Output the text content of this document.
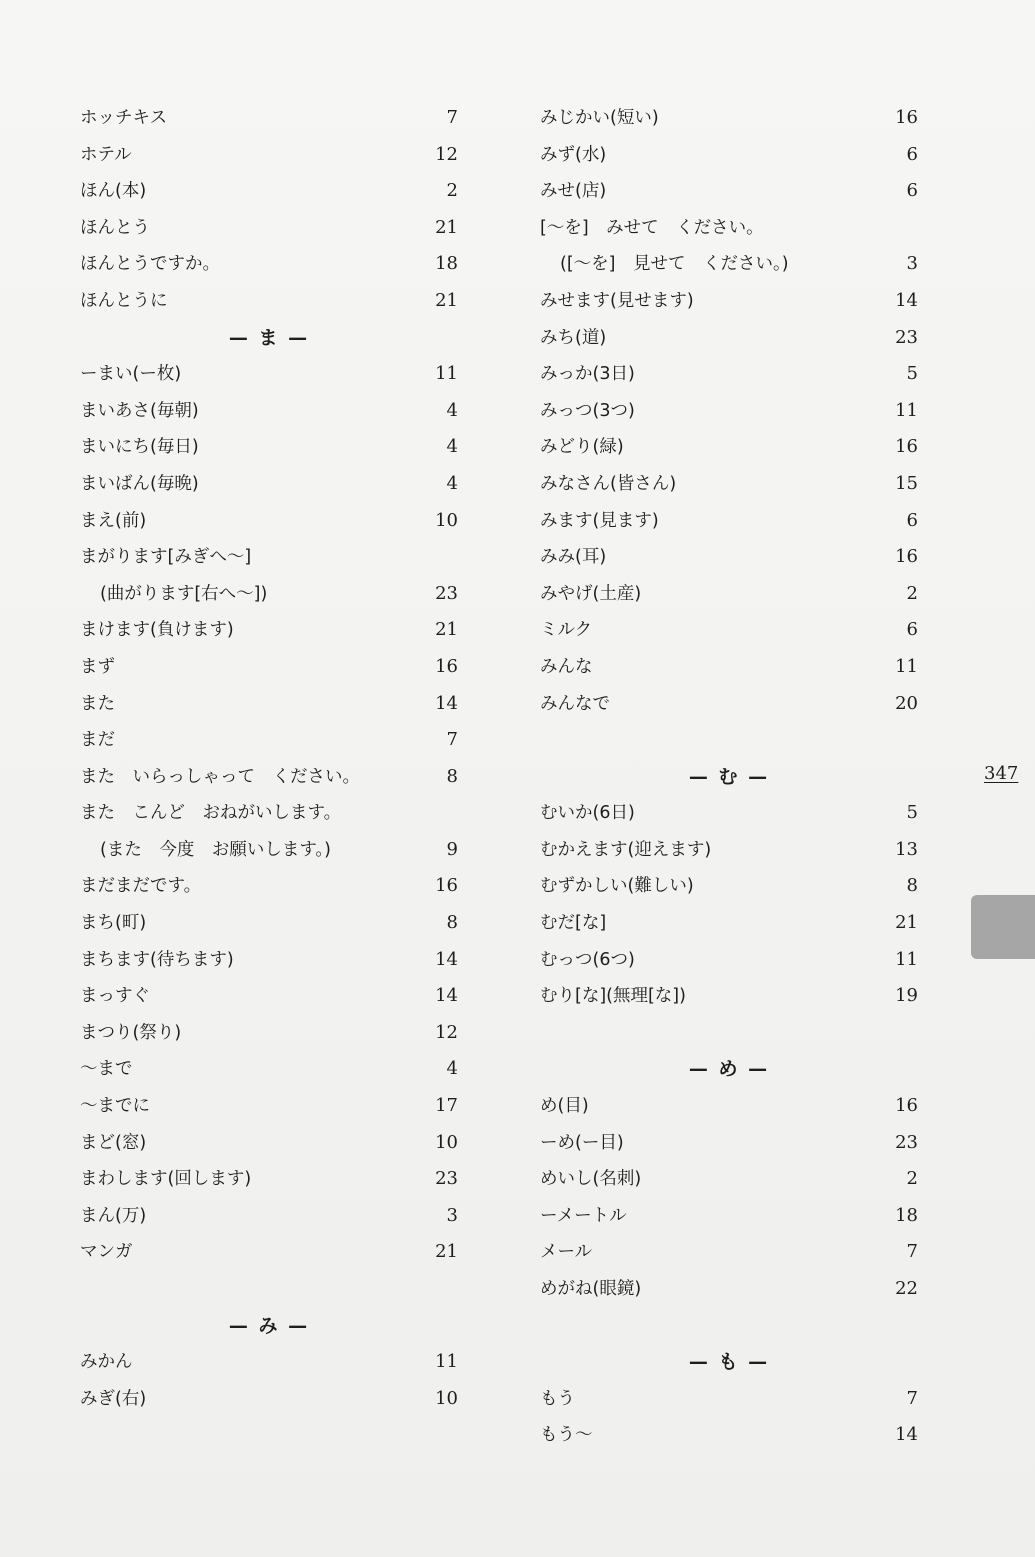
ホッチキス	7
ホテル	12
ほん(本)	2
ほんとう	21
ほんとうですか。	18
ほんとうに	21
— ま —
ーまい(ー枚)	11
まいあさ(毎朝)	4
まいにち(毎日)	4
まいばん(毎晩)	4
まえ(前)	10
まがります[みぎへ〜]
(曲がります[右へ〜])	23
まけます(負けます)	21
まず	16
また	14
まだ	7
また　いらっしゃって　ください。	8
また　こんど　おねがいします。
(また　今度　お願いします。)	9
まだまだです。	16
まち(町)	8
まちます(待ちます)	14
まっすぐ	14
まつり(祭り)	12
〜まで	4
〜までに	17
まど(窓)	10
まわします(回します)	23
まん(万)	3
マンガ	21
— み —
みかん	11
みぎ(右)	10
みじかい(短い)	16
みず(水)	6
みせ(店)	6
[〜を]　みせて　ください。
([〜を]　見せて　ください。)	3
みせます(見せます)	14
みち(道)	23
みっか(3日)	5
みっつ(3つ)	11
みどり(緑)	16
みなさん(皆さん)	15
みます(見ます)	6
みみ(耳)	16
みやげ(土産)	2
ミルク	6
みんな	11
みんなで	20
— む —
むいか(6日)	5
むかえます(迎えます)	13
むずかしい(難しい)	8
むだ[な]	21
むっつ(6つ)	11
むり[な](無理[な])	19
— め —
め(目)	16
ーめ(ー目)	23
めいし(名刺)	2
ーメートル	18
メール	7
めがね(眼鏡)	22
— も —
もう	7
もう〜	14
347
